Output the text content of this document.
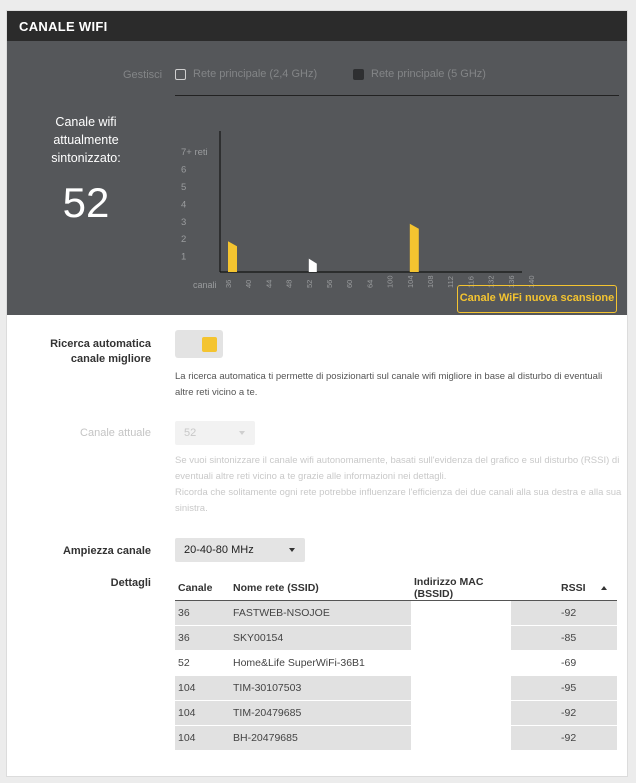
CANALE WIFI
Gestisci	Rete principale (2,4 GHz)	Rete principale (5 GHz)
Canale wifi attualmente sintonizzato:
52
1
2
3
4
5
6
7+ reti
canali 36 40 44 48 52 56 60 64 100 104 108 112 116 132 136 140
Canale WiFi nuova scansione
Ricerca automatica canale migliore
La ricerca automatica ti permette di posizionarti sul canale wifi migliore in base al disturbo di eventuali altre reti vicino a te.
Canale attuale	52
Se vuoi sintonizzare il canale wifi autonomamente, basati sull'evidenza del grafico e sul disturbo (RSSI) di eventuali altre reti vicino a te grazie alle informazioni nei dettagli.
Ricorda che solitamente ogni rete potrebbe influenzare l'efficienza dei due canali alla sua destra e alla sua sinistra.
Ampiezza canale	20-40-80 MHz
Dettagli	Canale	Nome rete (SSID)	Indirizzo MAC (BSSID)	RSSI
36	FASTWEB-NSOJOE		-92
36	SKY00154		-85
52	Home&Life SuperWiFi-36B1		-69
104	TIM-30107503		-95
104	TIM-20479685		-92
104	BH-20479685		-92
